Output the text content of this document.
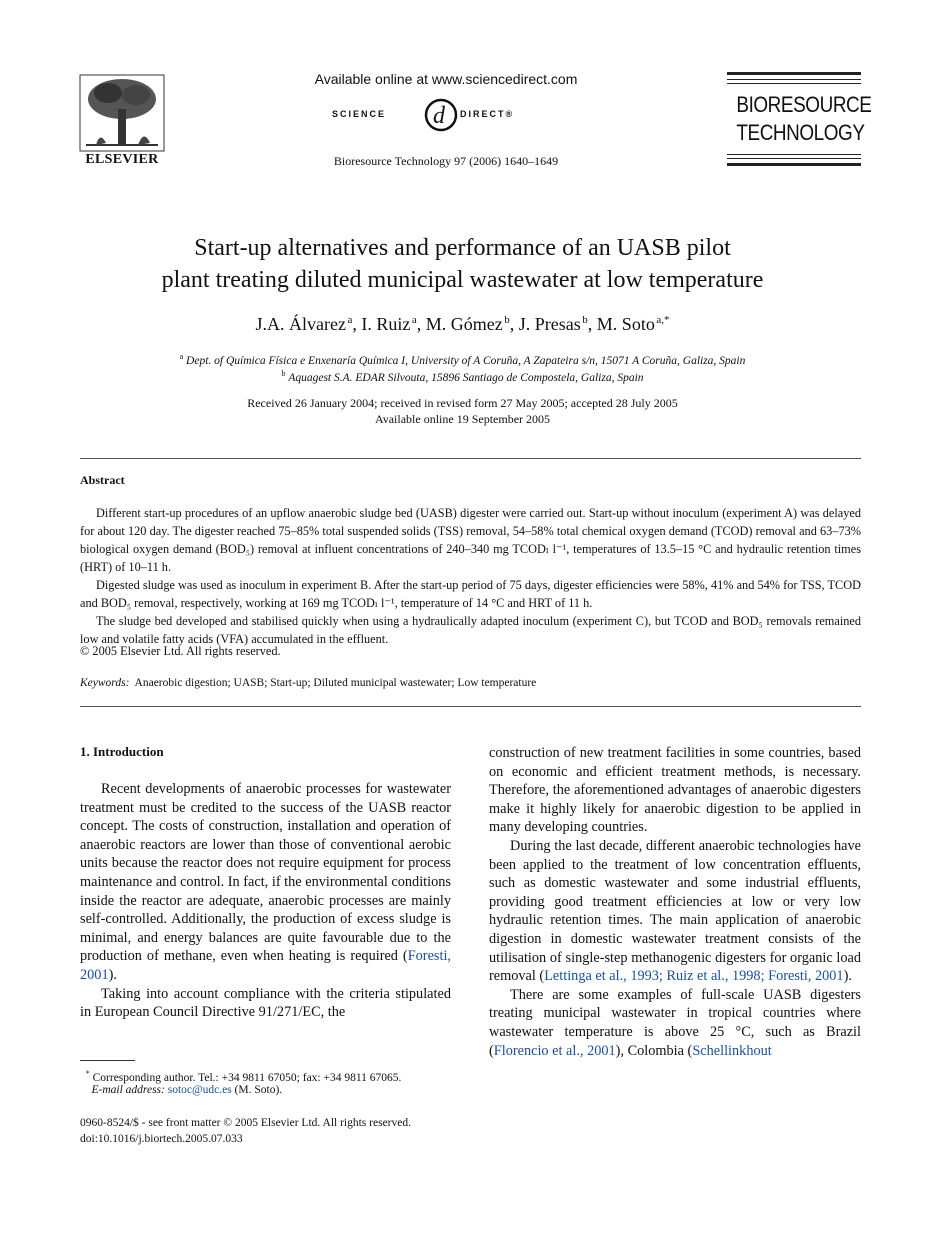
ELSEVIER
Available online at www.sciencedirect.com
SCIENCE d DIRECT®
Bioresource Technology 97 (2006) 1640–1649
BIORESOURCE
TECHNOLOGY
Start-up alternatives and performance of an UASB pilot
plant treating diluted municipal wastewater at low temperature
J.A. Álvarez  $^a$, I. Ruiz  $^a$, M. Gómez  $^b$, J. Presas  $^b$, M. Soto  $^{a,*}$
$^a$ Dept. of Química Física e Enxenaría Química I, University of A Coruña, A Zapateira s/n, 15071 A Coruña, Galiza, Spain
$^b$ Aquagest S.A. EDAR Silvouta, 15896 Santiago de Compostela, Galiza, Spain
Received 26 January 2004; received in revised form 27 May 2005; accepted 28 July 2005
Available online 19 September 2005
Abstract
Different start-up procedures of an upflow anaerobic sludge bed (UASB) digester were carried out. Start-up without inoculum (experiment A) was delayed for about 120 day. The digester reached 75–85% total suspended solids (TSS) removal, 54–58% total chemical oxygen demand (TCOD) removal and 63–73% biological oxygen demand (BOD₅) removal at influent concentrations of 240–340 mg TCODₗ l⁻¹, temperatures of 13.5–15 °C and hydraulic retention times (HRT) of 10–11 h.
Digested sludge was used as inoculum in experiment B. After the start-up period of 75 days, digester efficiencies were 58%, 41% and 54% for TSS, TCOD and BOD₅ removal, respectively, working at 169 mg TCODₗ l⁻¹, temperature of 14 °C and HRT of 11 h.
The sludge bed developed and stabilised quickly when using a hydraulically adapted inoculum (experiment C), but TCOD and BOD₅ removals remained low and volatile fatty acids (VFA) accumulated in the effluent.
© 2005 Elsevier Ltd. All rights reserved.
Keywords: Anaerobic digestion; UASB; Start-up; Diluted municipal wastewater; Low temperature
1. Introduction

Recent developments of anaerobic processes for wastewater treatment must be credited to the success of the UASB reactor concept. The costs of construction, installation and operation of anaerobic reactors are lower than those of conventional aerobic units because the reactor does not require equipment for process maintenance and control. In fact, if the environmental conditions inside the reactor are adequate, anaerobic processes are mainly self-controlled. Additionally, the production of excess sludge is minimal, and energy balances are quite favourable due to the production of methane, even when heating is required (Foresti, 2001).

Taking into account compliance with the criteria stipulated in European Council Directive 91/271/EC, the

* Corresponding author. Tel.: +34 9811 67050; fax: +34 9811 67065.
E-mail address: sotoc@udc.es (M. Soto).
0960-8524/$ - see front matter © 2005 Elsevier Ltd. All rights reserved.
doi:10.1016/j.biortech.2005.07.033

construction of new treatment facilities in some countries, based on economic and efficient treatment methods, is necessary. Therefore, the aforementioned advantages of anaerobic digesters make it highly likely for anaerobic digestion to be applied in many developing countries.

During the last decade, different anaerobic technologies have been applied to the treatment of low concentration effluents, such as domestic wastewater and some industrial effluents, providing good treatment efficiencies at low or very low hydraulic retention times. The main application of anaerobic digestion in domestic wastewater treatment consists of the utilisation of single-step methanogenic digesters for organic load removal (Lettinga et al., 1993; Ruiz et al., 1998; Foresti, 2001).

There are some examples of full-scale UASB digesters treating municipal wastewater in tropical countries where wastewater temperature is above 25 °C, such as Brazil (Florencio et al., 2001), Colombia (Schellinkhout
